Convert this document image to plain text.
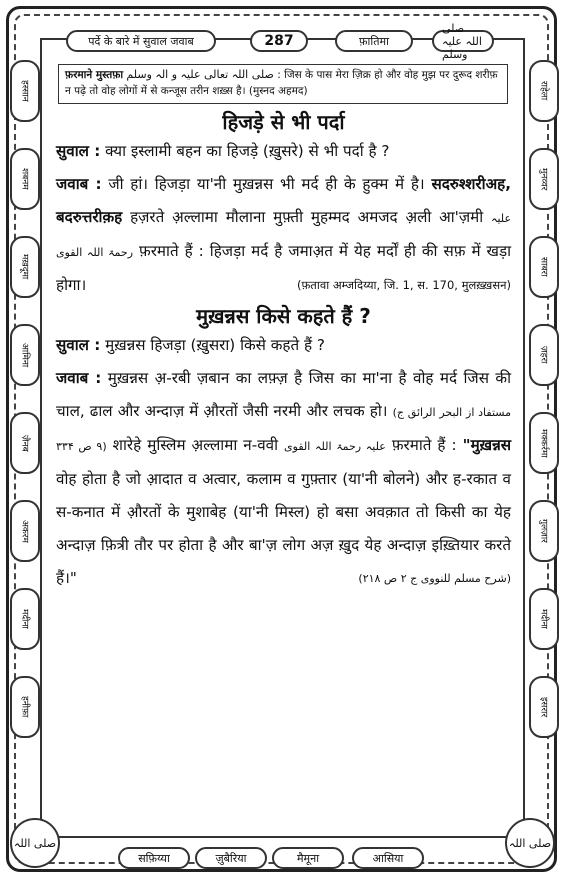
पर्दे के बारे में सुवाल जवाब	287	फ़ातिमा
صلی اللہ علیہ وسلم
हस्सान
शबनम
मख़दूमा
आमिना
ज़ैनब
अकरम
मदीना
हनीफ़ा
राहेला
मुनव्वर
साबरा
ज़हरा
मक्कर्रमा
गुलज़ार
मदीना
इसरार
صلی اللہ	صلی اللہ
सफ़िय्या	ज़ुबैरिया	मैमूना	आसिया
फ़रमाने मुस्तफ़ा صلی اللہ تعالی علیہ و الہ وسلم : जिस के पास मेरा ज़िक्र हो और वोह मुझ पर दुरूद शरीफ़ न पढ़े तो वोह लोगों में से कन्जूस तरीन शख़्स है। (मुस्नद अहमद)
हिजड़े से भी पर्दा

सुवाल : क्या इस्लामी बहन का हिजड़े (ख़ुसरे) से भी पर्दा है ?

जवाब : जी हां। हिजड़ा या'नी मुख़न्नस भी मर्द ही के हुक्म में है। सदरुश्शरीअह, बदरुत्तरीक़ह हज़रते अ़ल्लामा मौलाना मुफ़्ती मुहम्मद अमजद अ़ली आ'ज़मी علیہ رحمۃ اللہ القوی फ़रमाते हैं : हिजड़ा मर्द है जमाअ़त में येह मर्दों ही की सफ़ में खड़ा होगा।	(फ़तावा अम्जदिय्या, जि. 1, स. 170, मुलख़्ख़सन)

मुख़न्नस किसे कहते हैं ?

सुवाल : मुख़न्नस हिजड़ा (ख़ुसरा) किसे कहते हैं ?

जवाब : मुख़न्नस अ़-रबी ज़बान का लफ़्ज़ है जिस का मा'ना है वोह मर्द जिस की चाल, ढाल और अन्दाज़ में औ़रतों जैसी नरमी और लचक हो। (مستفاد از البحر الرائق ج ۹ ص ۳۳۴) शारेहे मुस्लिम अ़ल्लामा न-ववी علیہ رحمۃ اللہ القوی फ़रमाते हैं : "मुख़न्नस वोह होता है जो आ़दात व अत्वार, कलाम व गुफ़्तार (या'नी बोलने) और ह-रकात व स-कनात में औ़रतों के मुशाबेह (या'नी मिस्ल) हो बसा अवक़ात तो किसी का येह अन्दाज़ फ़ित्री तौर पर होता है और बा'ज़ लोग अज़ ख़ुद येह अन्दाज़ इख़्तियार करते हैं।"	(شرح مسلم للنووی ج ۲ ص ۲۱۸)
